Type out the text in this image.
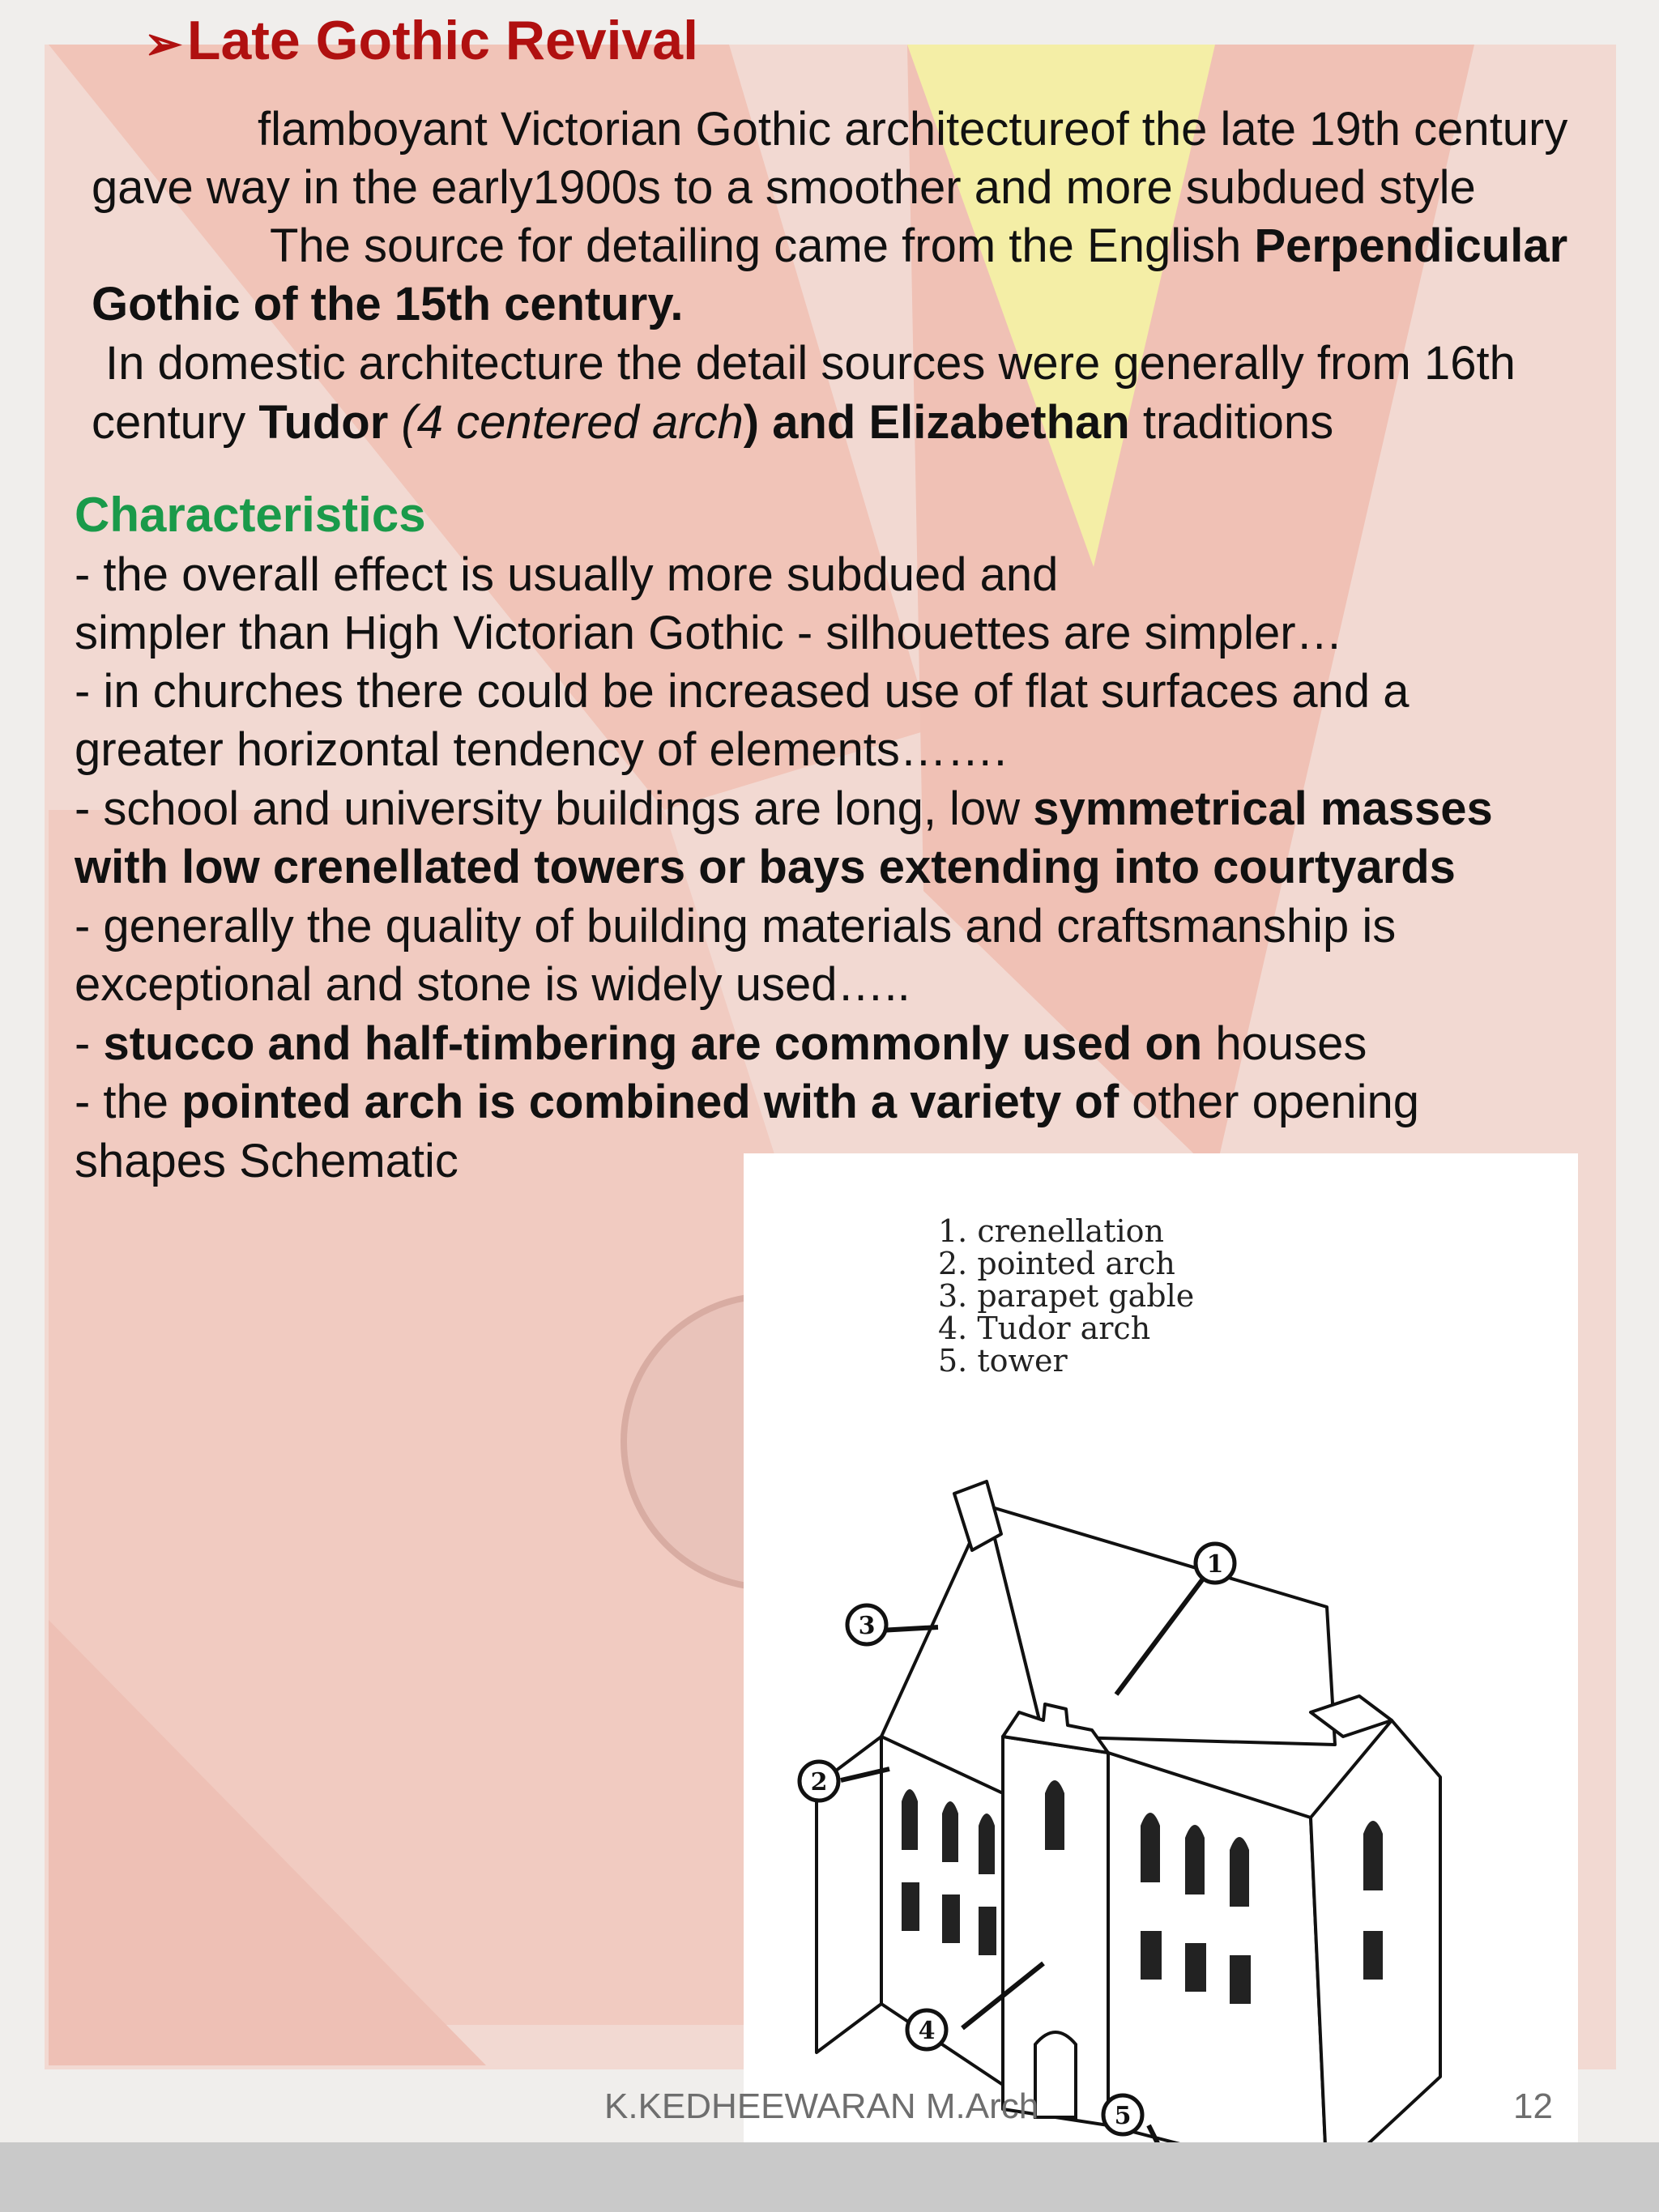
➢Late Gothic Revival
flamboyant Victorian Gothic architectureof the late 19th century
gave way in the early1900s to a smoother and more subdued style
The source for detailing came from the English Perpendicular
Gothic of the 15th century.
In domestic architecture the detail sources were generally from 16th
century Tudor (4 centered arch) and Elizabethan traditions
Characteristics
- the overall effect is usually more subdued and
simpler than High Victorian Gothic - silhouettes are simpler…
- in churches there could be increased use of flat surfaces and a
greater horizontal tendency of elements…….
- school and university buildings are long, low symmetrical masses
with low crenellated towers or bays extending into courtyards
- generally the quality of building materials and craftsmanship is
exceptional and stone is widely used…..
- stucco and half-timbering are commonly used on houses
- the pointed arch is combined with a variety of other opening
shapes Schematic
1. crenellation
2. pointed arch
3. parapet gable
4. Tudor arch
5. tower
1
2
3
4
5
K.KEDHEEWARAN M.Arch	12
